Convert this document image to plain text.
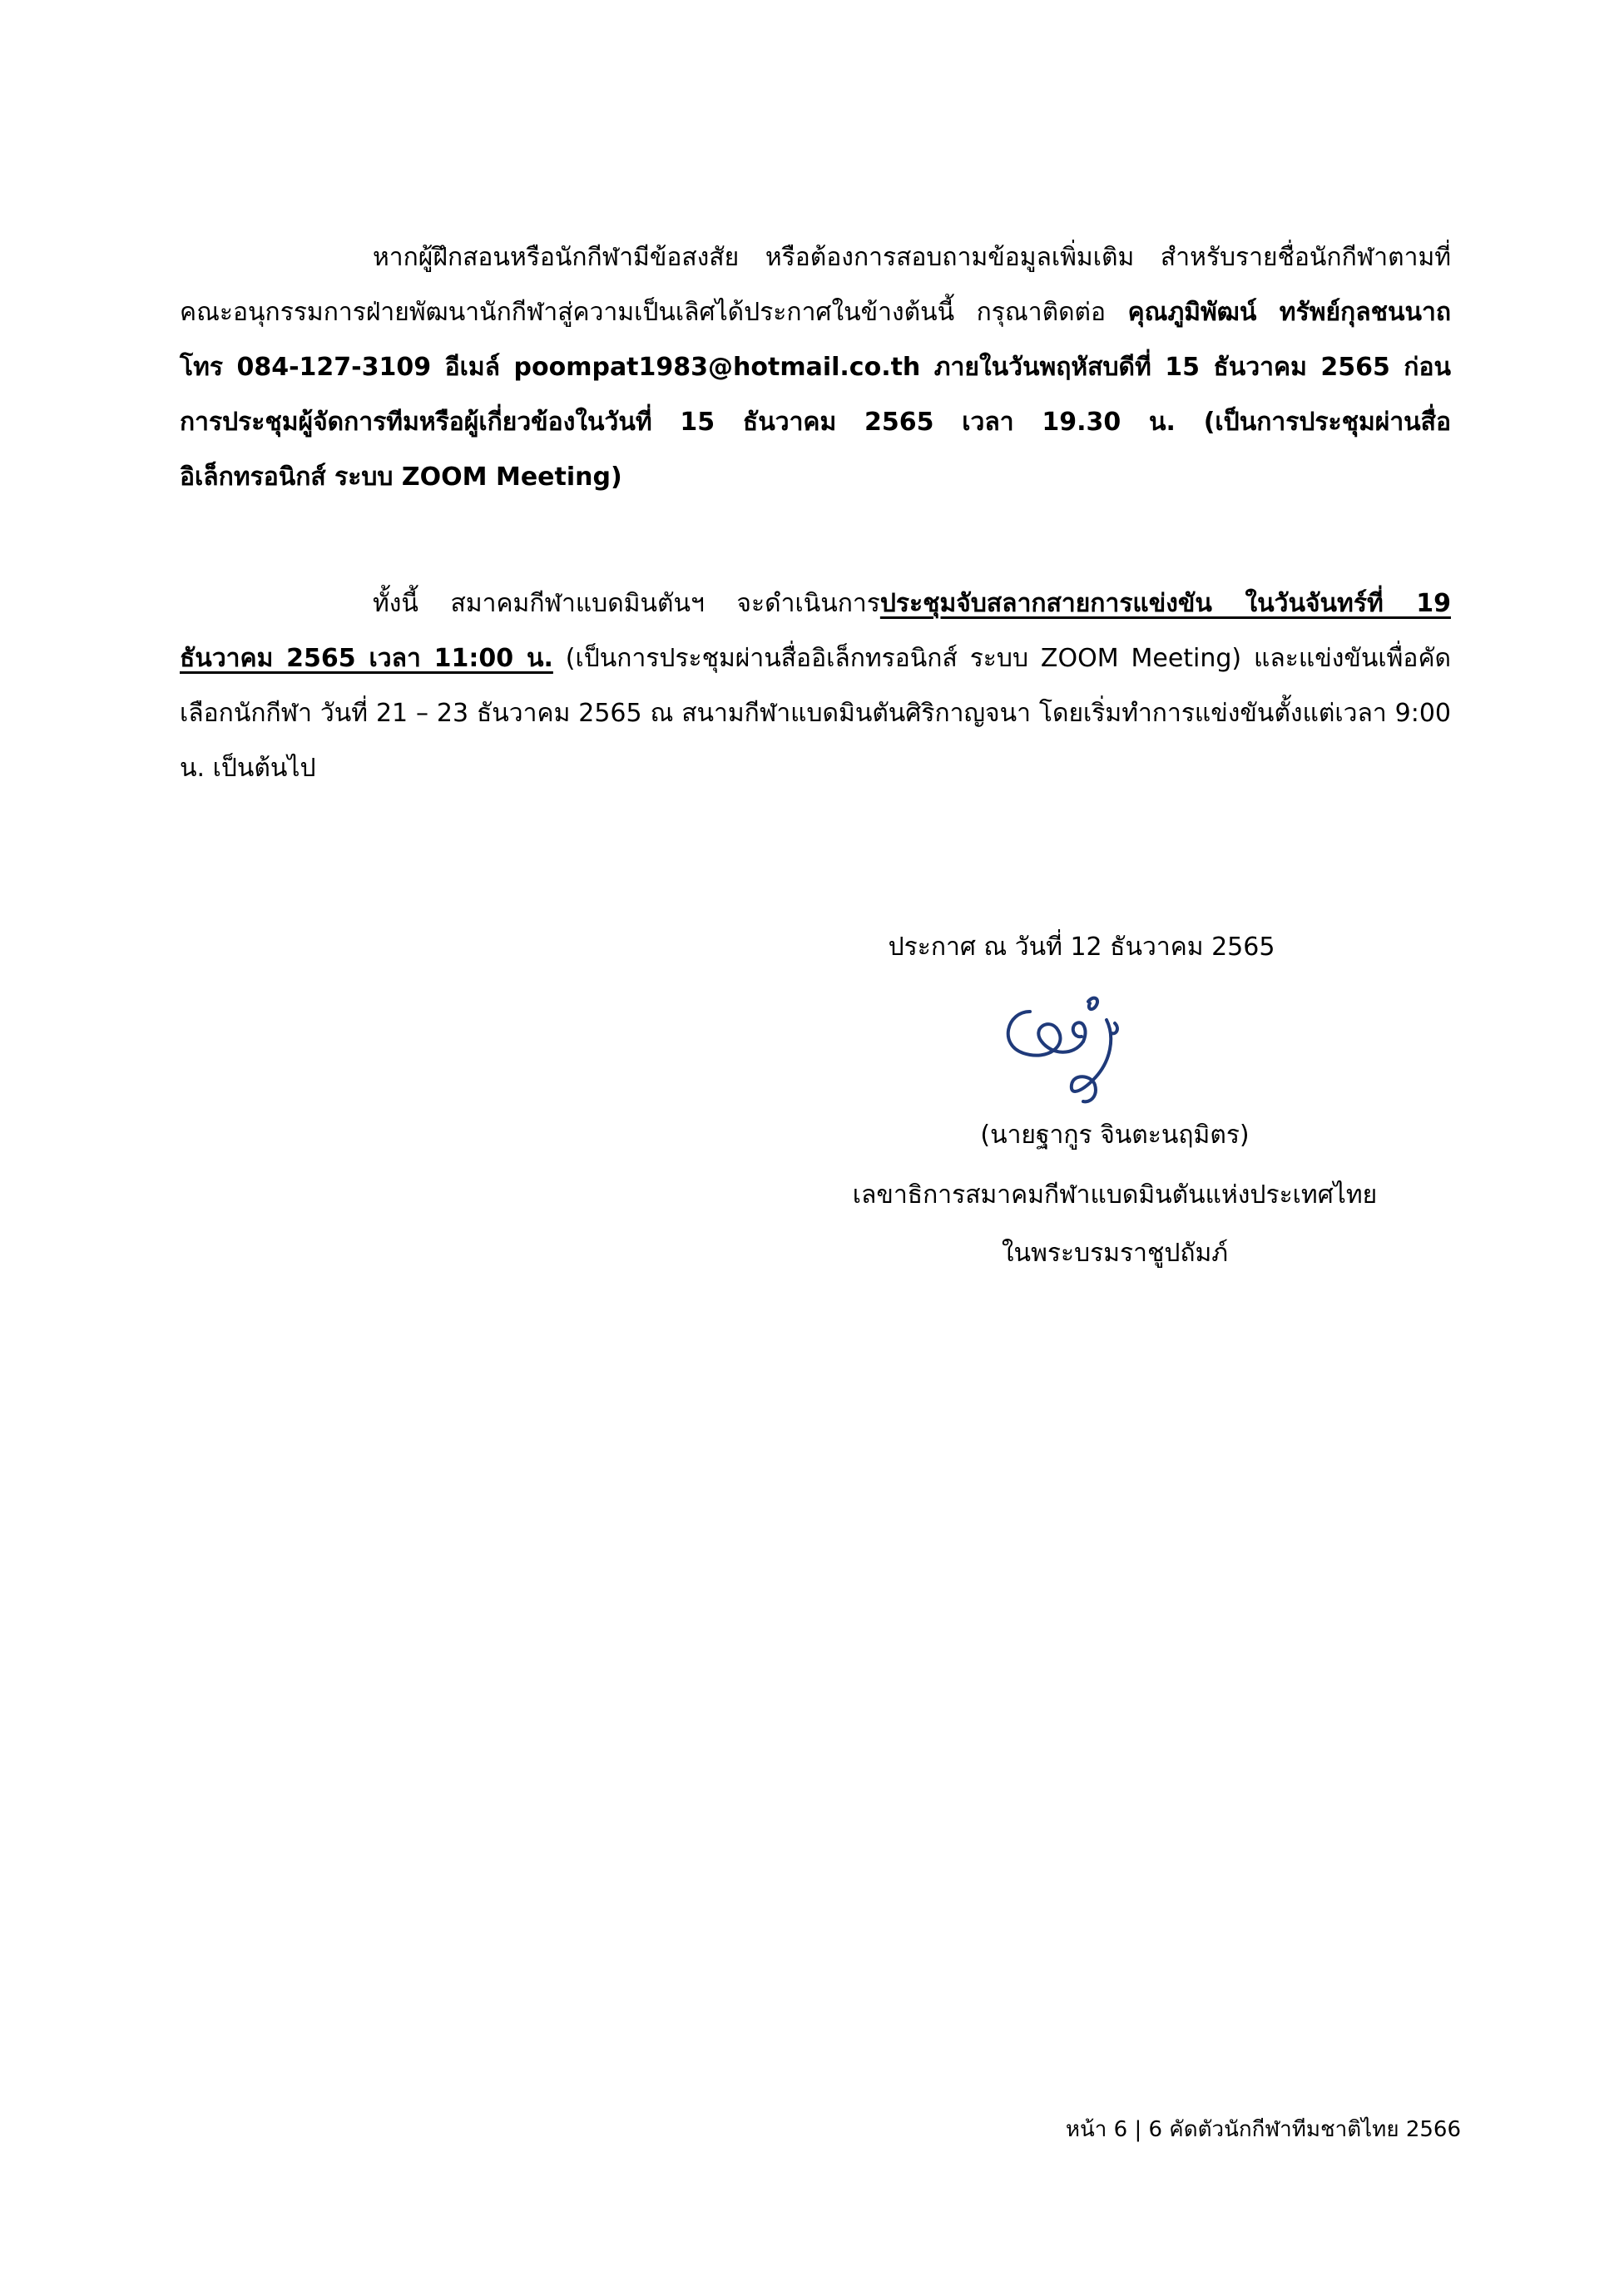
หากผู้ฝึกสอนหรือนักกีฬามีข้อสงสัย หรือต้องการสอบถามข้อมูลเพิ่มเติม สำหรับรายชื่อนักกีฬาตามที่คณะอนุกรรมการฝ่ายพัฒนานักกีฬาสู่ความเป็นเลิศได้ประกาศในข้างต้นนี้ กรุณาติดต่อ คุณภูมิพัฒน์ ทรัพย์กุลชนนาถ โทร 084-127-3109 อีเมล์ poompat1983@hotmail.co.th ภายในวันพฤหัสบดีที่ 15 ธันวาคม 2565 ก่อนการประชุมผู้จัดการทีมหรือผู้เกี่ยวข้องในวันที่ 15 ธันวาคม 2565 เวลา 19.30 น. (เป็นการประชุมผ่านสื่ออิเล็กทรอนิกส์ ระบบ ZOOM Meeting)

ทั้งนี้ สมาคมกีฬาแบดมินตันฯ จะดำเนินการประชุมจับสลากสายการแข่งขัน ในวันจันทร์ที่ 19 ธันวาคม 2565 เวลา 11:00 น. (เป็นการประชุมผ่านสื่ออิเล็กทรอนิกส์ ระบบ ZOOM Meeting) และแข่งขันเพื่อคัดเลือกนักกีฬา วันที่ 21 – 23 ธันวาคม 2565 ณ สนามกีฬาแบดมินตันศิริกาญจนา โดยเริ่มทำการแข่งขันตั้งแต่เวลา 9:00 น. เป็นต้นไป

ประกาศ ณ วันที่ 12 ธันวาคม 2565

(นายฐากูร จินตะนฤมิตร)

เลขาธิการสมาคมกีฬาแบดมินตันแห่งประเทศไทย

ในพระบรมราชูปถัมภ์

หน้า 6 | 6 คัดตัวนักกีฬาทีมชาติไทย 2566
